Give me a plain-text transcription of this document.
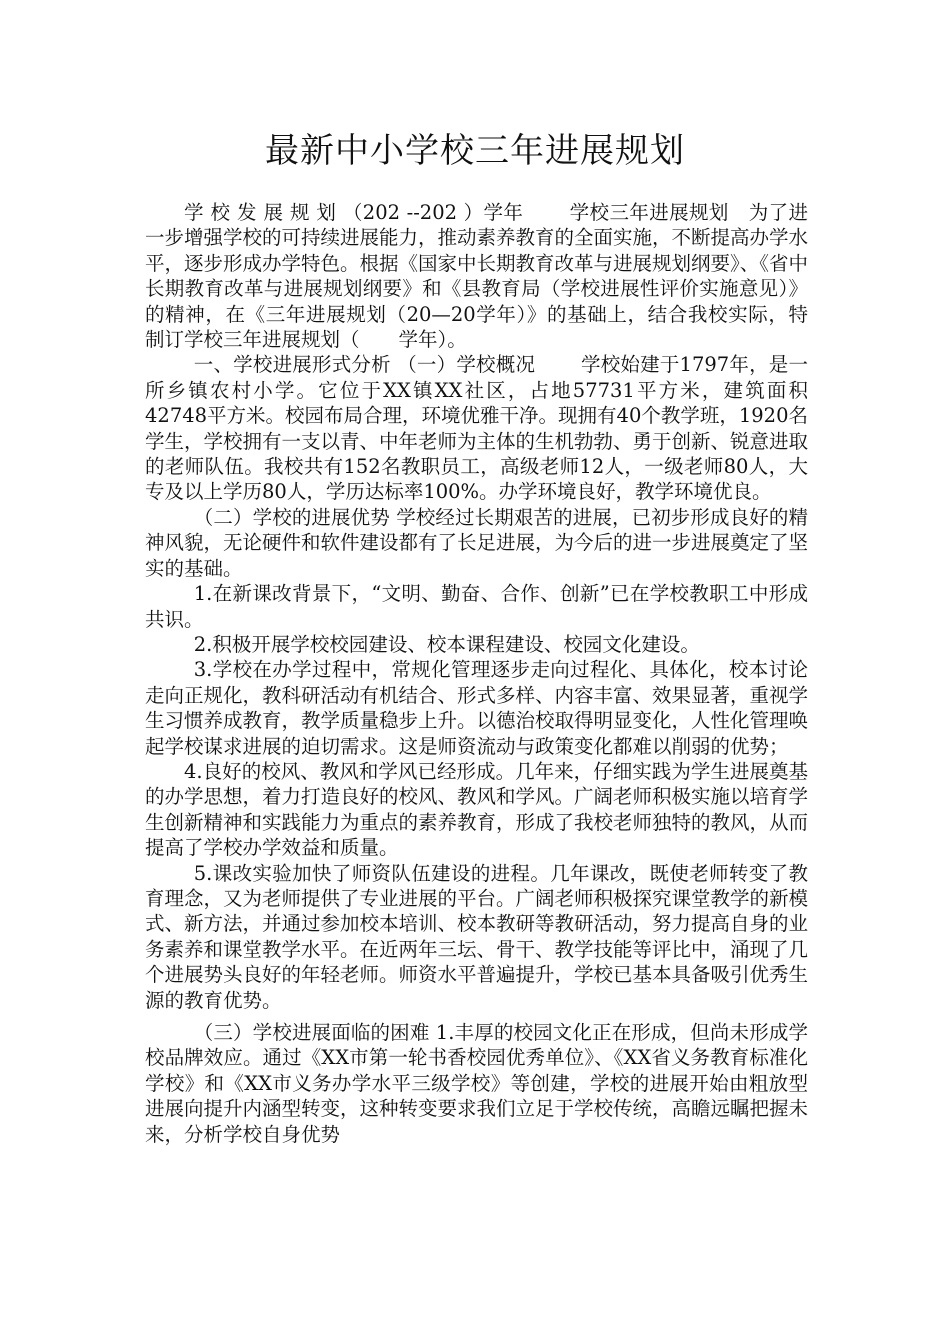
最新中小学校三年进展规划

学 校 发 展 规 划 （202 --202 ）学年 　　学校三年进展规划　为了进一步增强学校的可持续进展能力，推动素养教育的全面实施，不断提高办学水平，逐步形成办学特色。根据《国家中长期教育改革与进展规划纲要》、《省中长期教育改革与进展规划纲要》和《县教育局（学校进展性评价实施意见）》的精神，在《三年进展规划（20—20学年）》的基础上，结合我校实际，特制订学校三年进展规划（　　学年）。

一、学校进展形式分析 （一）学校概况 　　学校始建于1797年，是一所乡镇农村小学。它位于XX镇XX社区，占地57731平方米，建筑面积42748平方米。校园布局合理，环境优雅干净。现拥有40个教学班，1920名学生，学校拥有一支以青、中年老师为主体的生机勃勃、勇于创新、锐意进取的老师队伍。我校共有152名教职员工，高级老师12人，一级老师80人，大专及以上学历80人，学历达标率100%。办学环境良好，教学环境优良。

（二）学校的进展优势 学校经过长期艰苦的进展，已初步形成良好的精神风貌，无论硬件和软件建设都有了长足进展，为今后的进一步进展奠定了坚实的基础。

1.在新课改背景下，“文明、勤奋、合作、创新”已在学校教职工中形成共识。

2.积极开展学校校园建设、校本课程建设、校园文化建设。

3.学校在办学过程中，常规化管理逐步走向过程化、具体化，校本讨论走向正规化，教科研活动有机结合、形式多样、内容丰富、效果显著，重视学生习惯养成教育，教学质量稳步上升。以德治校取得明显变化，人性化管理唤起学校谋求进展的迫切需求。这是师资流动与政策变化都难以削弱的优势；

4.良好的校风、教风和学风已经形成。几年来，仔细实践为学生进展奠基的办学思想，着力打造良好的校风、教风和学风。广阔老师积极实施以培育学生创新精神和实践能力为重点的素养教育，形成了我校老师独特的教风，从而提高了学校办学效益和质量。

5.课改实验加快了师资队伍建设的进程。几年课改，既使老师转变了教育理念，又为老师提供了专业进展的平台。广阔老师积极探究课堂教学的新模式、新方法，并通过参加校本培训、校本教研等教研活动，努力提高自身的业务素养和课堂教学水平。在近两年三坛、骨干、教学技能等评比中，涌现了几个进展势头良好的年轻老师。师资水平普遍提升，学校已基本具备吸引优秀生源的教育优势。

（三）学校进展面临的困难 1.丰厚的校园文化正在形成，但尚未形成学校品牌效应。通过《XX市第一轮书香校园优秀单位》、《XX省义务教育标准化学校》和《XX市义务办学水平三级学校》等创建，学校的进展开始由粗放型进展向提升内涵型转变，这种转变要求我们立足于学校传统，高瞻远瞩把握未来，分析学校自身优势
